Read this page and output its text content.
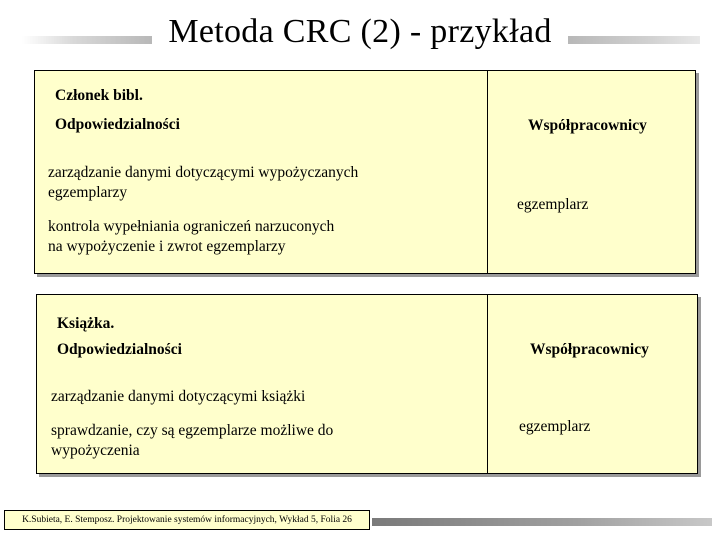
Metoda CRC (2) - przykład
Członek bibl.
Odpowiedzialności	Współpracownicy
zarządzanie danymi dotyczącymi wypożyczanych
egzemplarzy
kontrola wypełniania ograniczeń narzuconych
na wypożyczenie i zwrot egzemplarzy
egzemplarz
Książka.
Odpowiedzialności	Współpracownicy
zarządzanie danymi dotyczącymi książki
sprawdzanie, czy są egzemplarze możliwe do
wypożyczenia
egzemplarz
K.Subieta, E. Stemposz. Projektowanie systemów informacyjnych, Wykład 5, Folia 26
